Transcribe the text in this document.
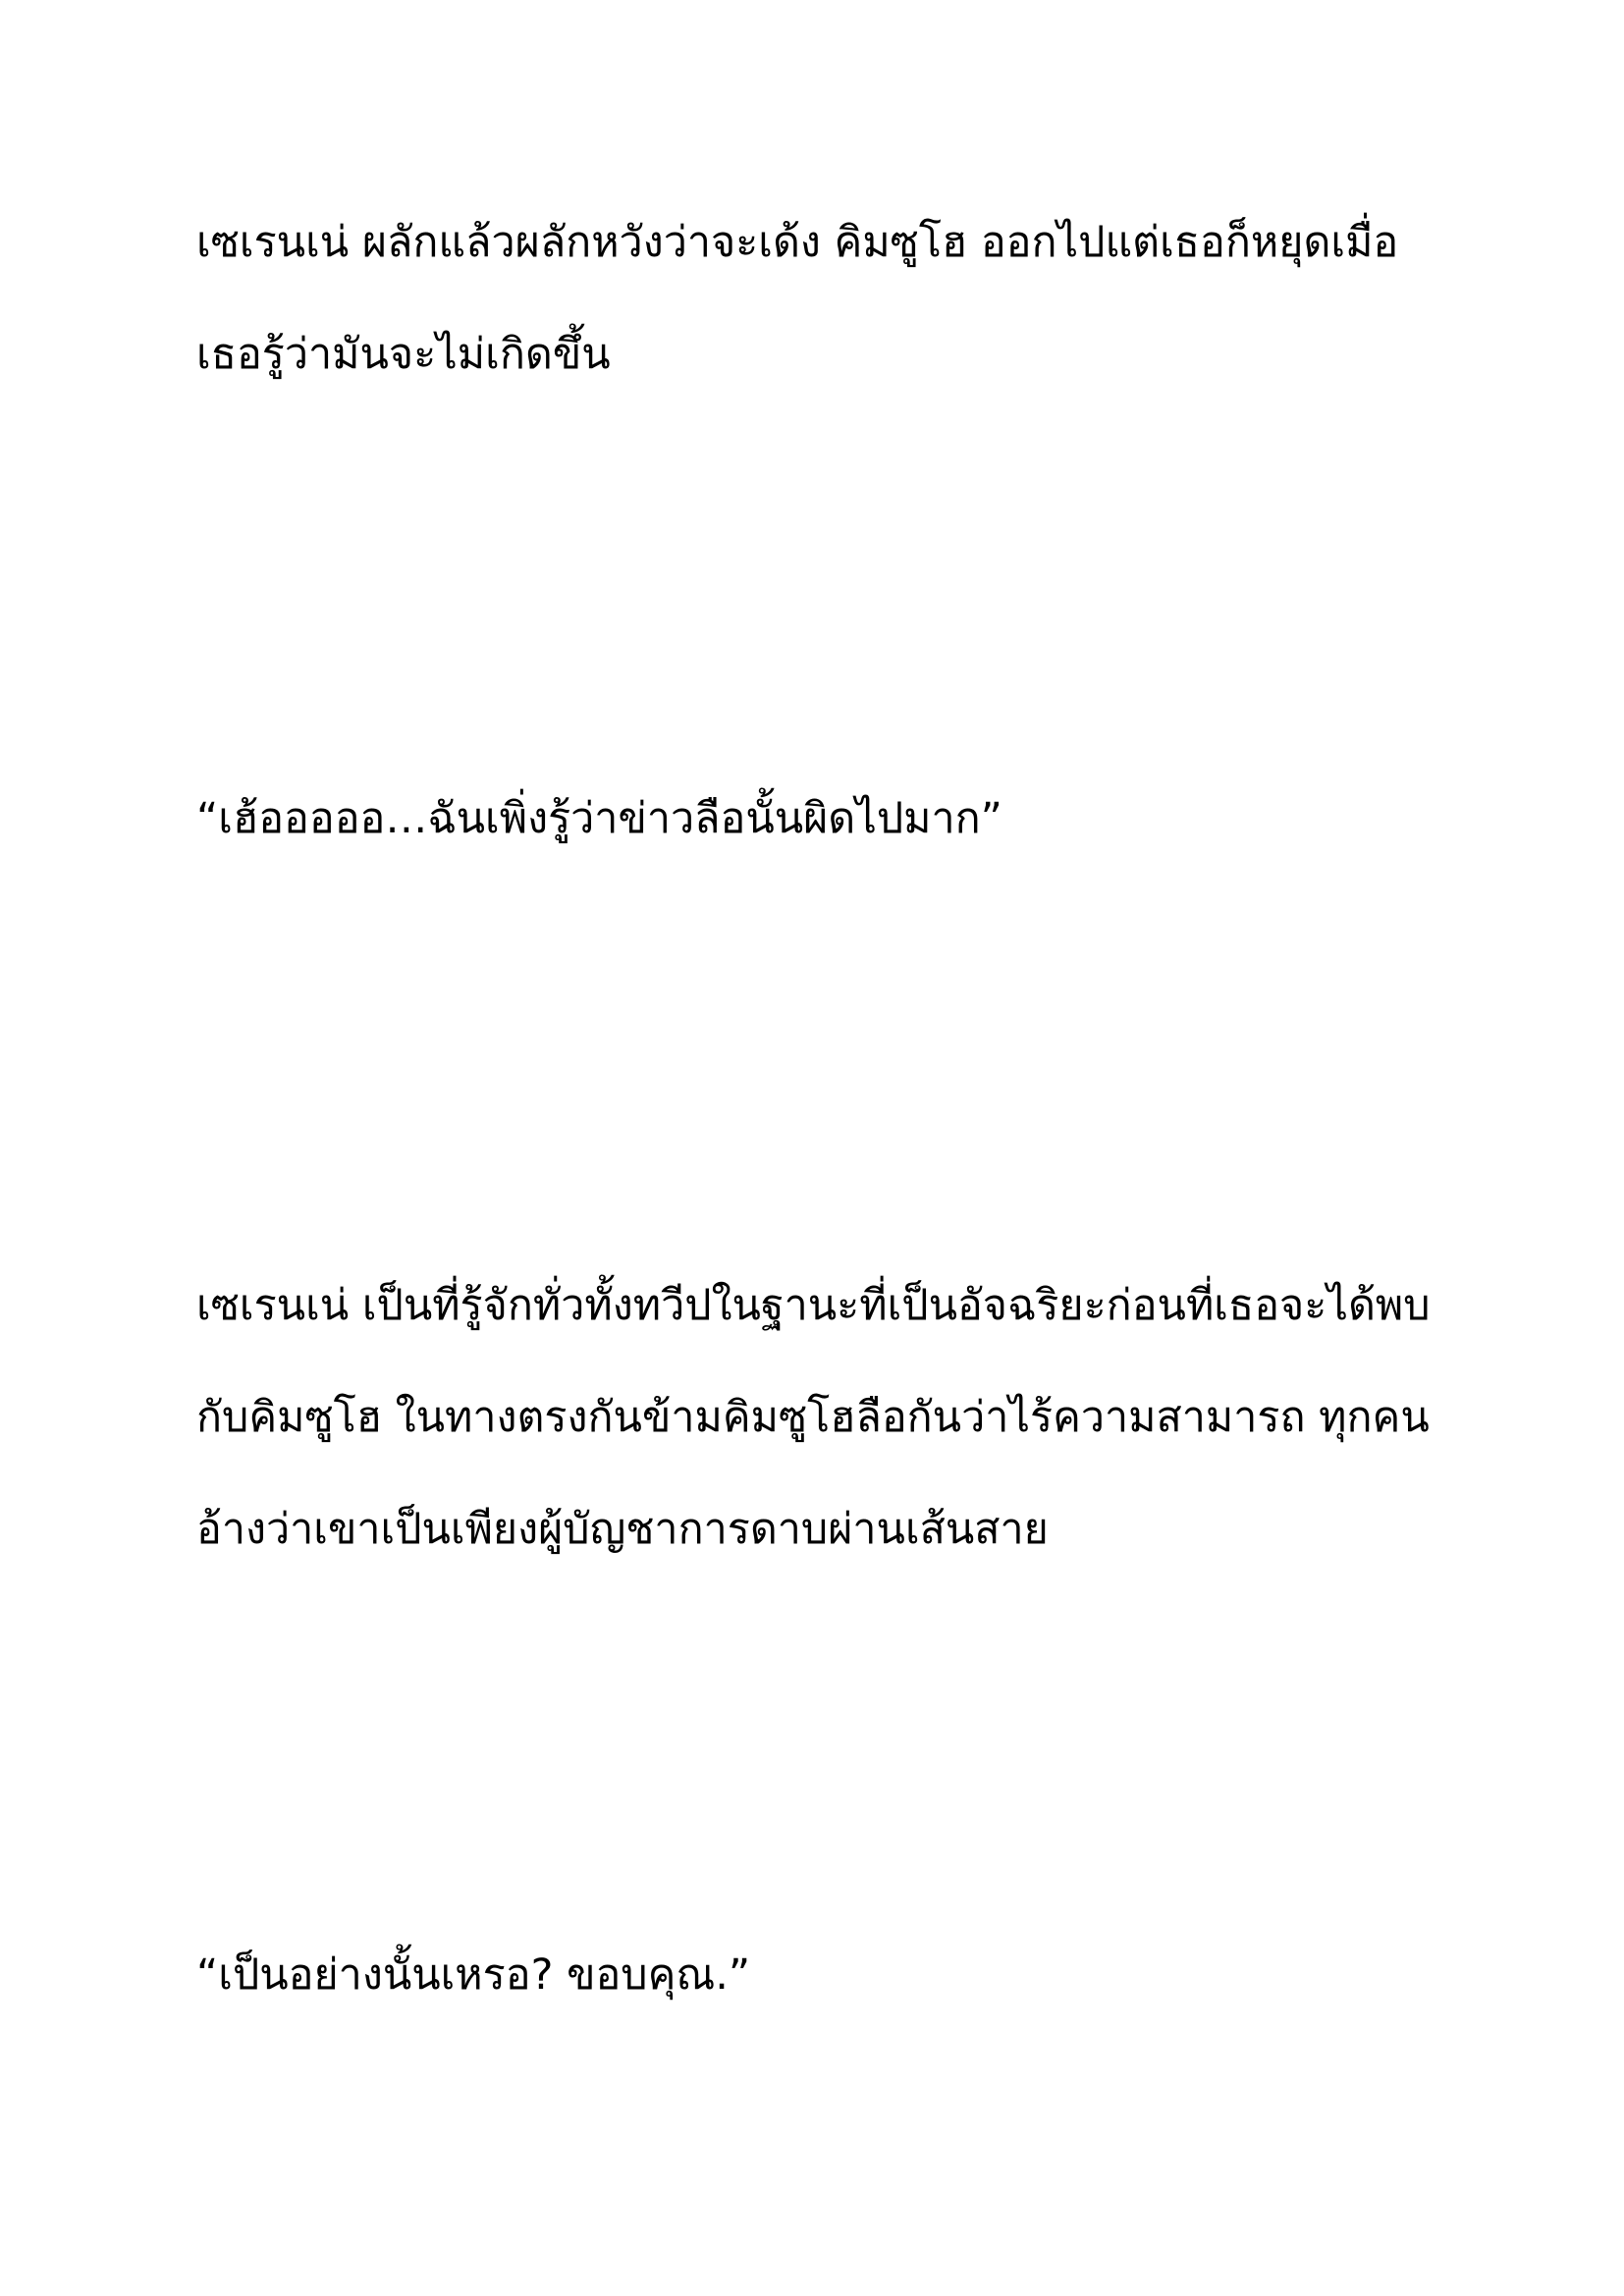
เซเรนเน่ ผลักแล้วผลักหวังว่าจะเด้ง คิมซูโฮ ออกไปแต่เธอก็หยุดเมื่อ
เธอรู้ว่ามันจะไม่เกิดขึ้น
“เฮ้อออออ…ฉันเพิ่งรู้ว่าข่าวลือนั้นผิดไปมาก”
เซเรนเน่ เป็นที่รู้จักทั่วทั้งทวีปในฐานะที่เป็นอัจฉริยะก่อนที่เธอจะได้พบ
กับคิมซูโฮ ในทางตรงกันข้ามคิมซูโฮลือกันว่าไร้ความสามารถ ทุกคน
อ้างว่าเขาเป็นเพียงผู้บัญชาการดาบผ่านเส้นสาย
“เป็นอย่างนั้นเหรอ? ขอบคุณ.”
